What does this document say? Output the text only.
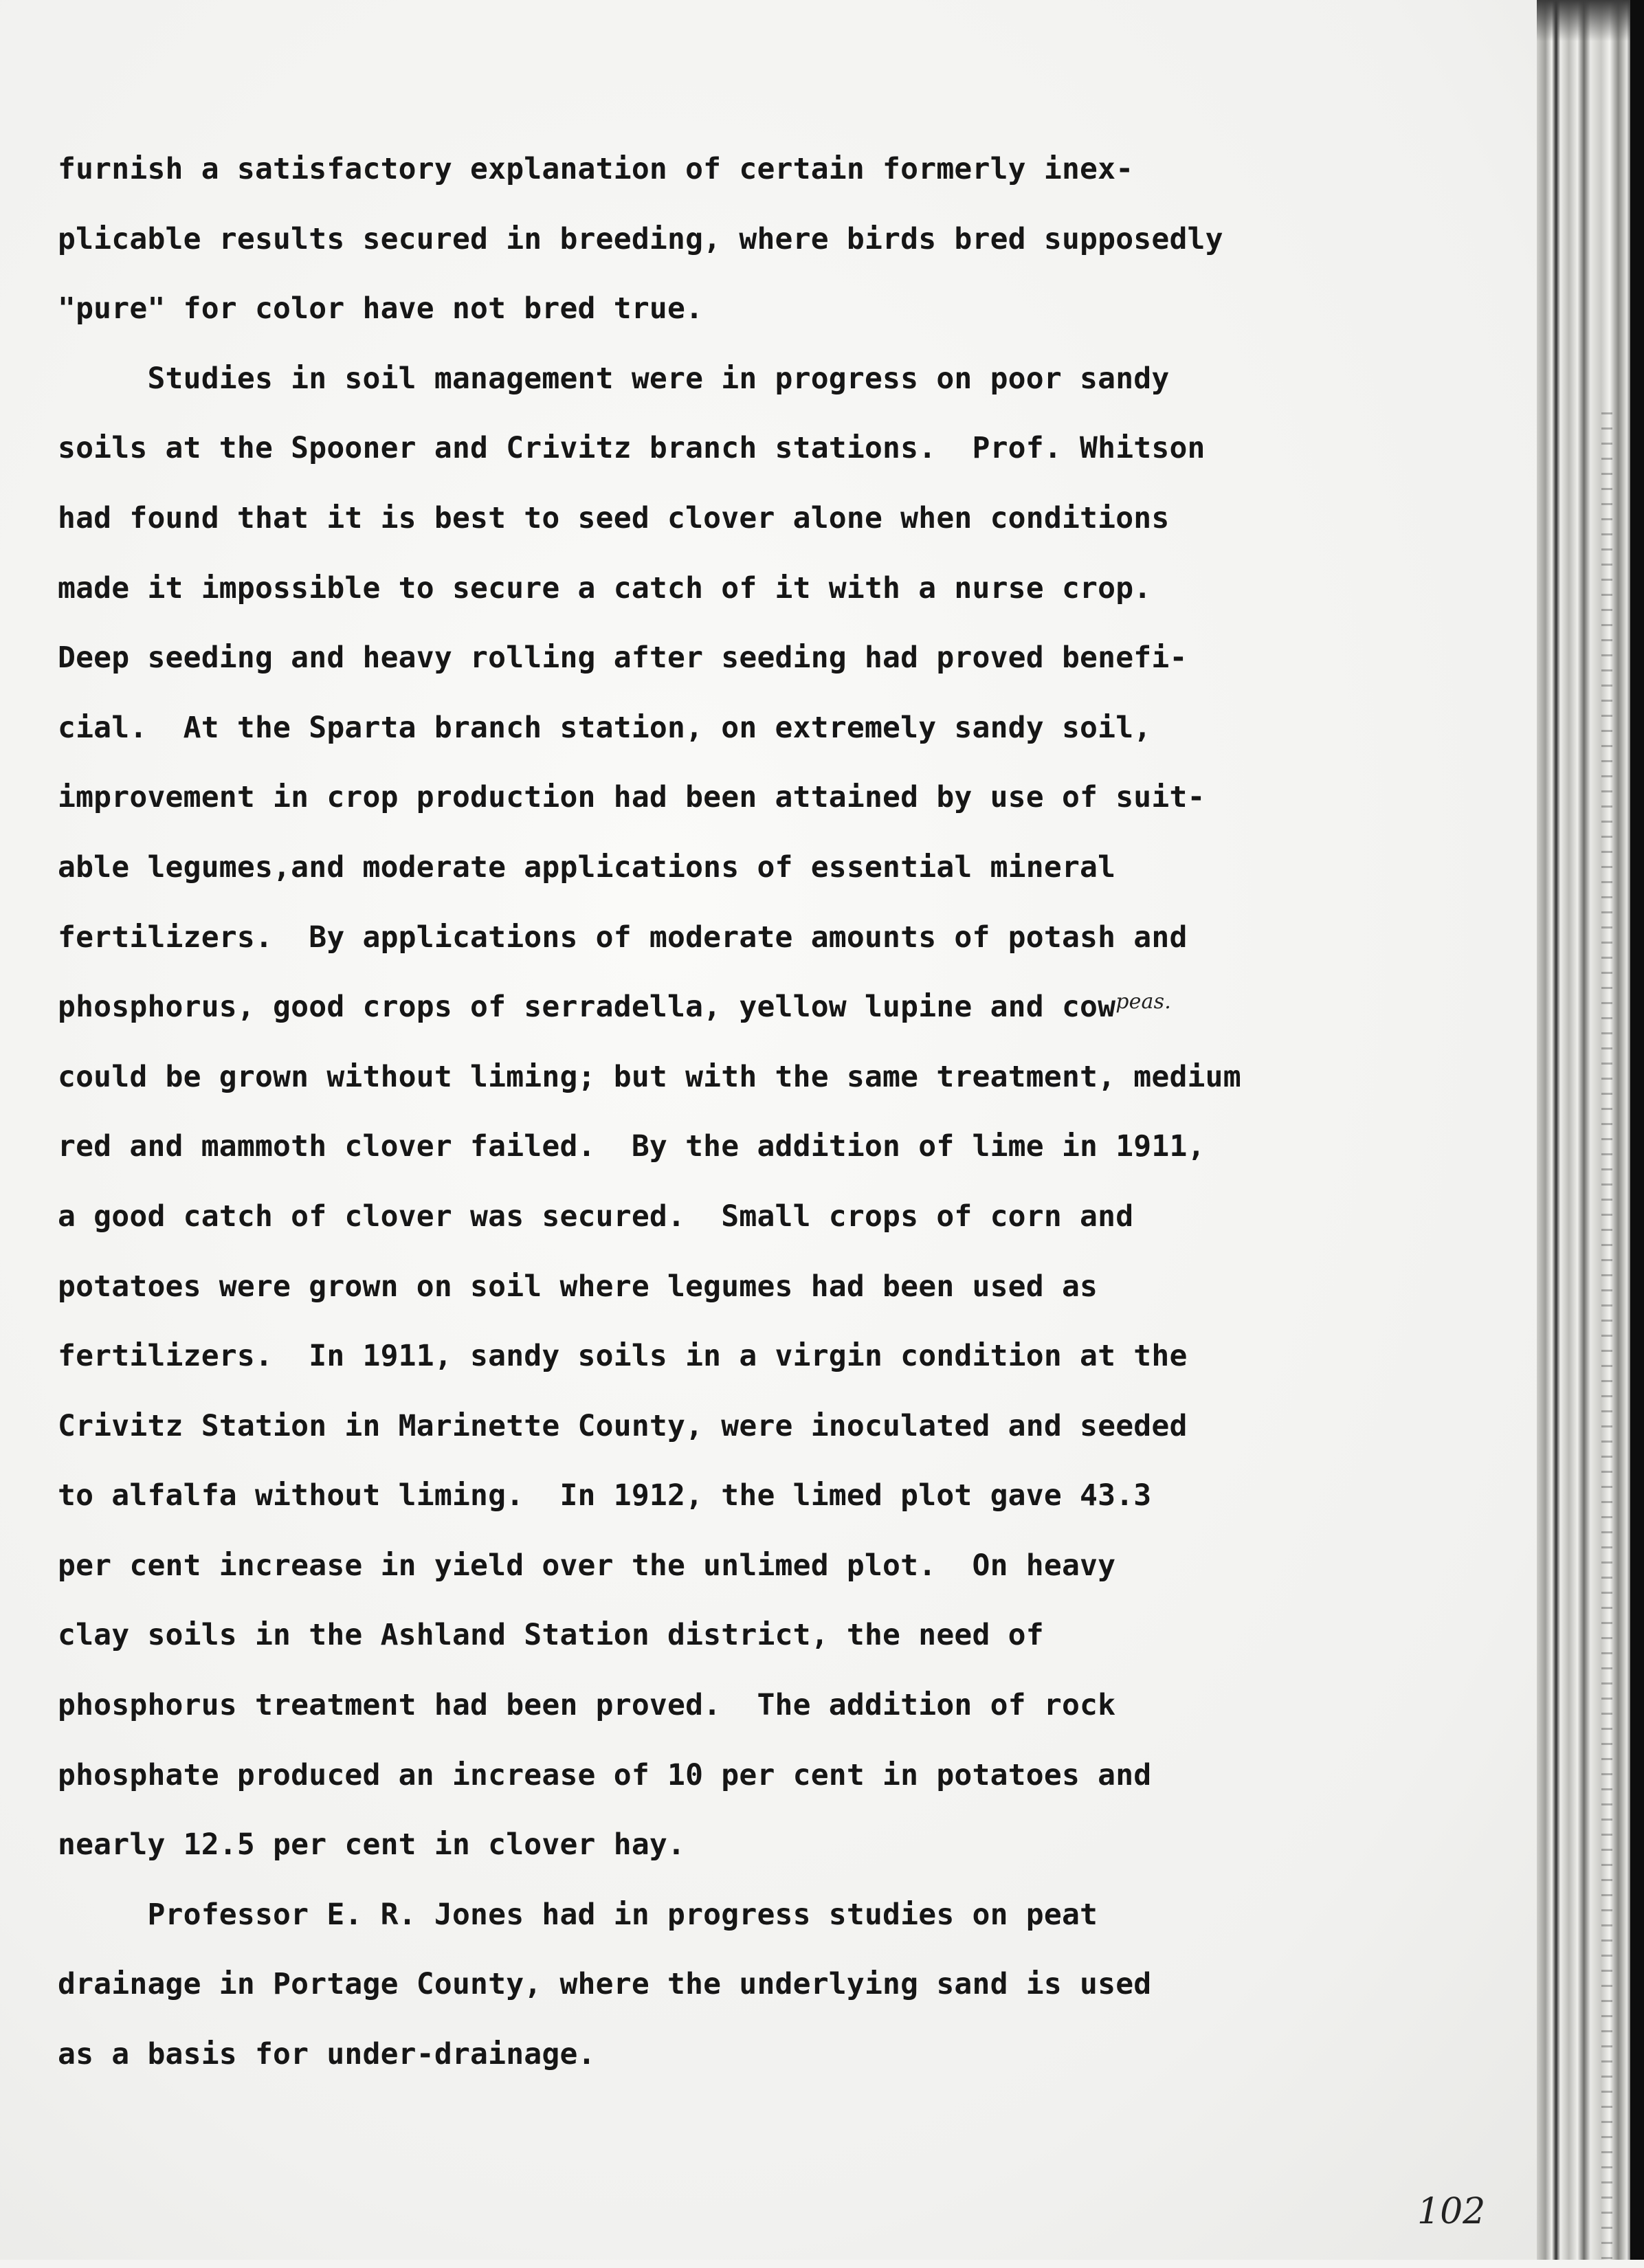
furnish a satisfactory explanation of certain formerly inex-
plicable results secured in breeding, where birds bred supposedly
"pure" for color have not bred true.
Studies in soil management were in progress on poor sandy
soils at the Spooner and Crivitz branch stations.  Prof. Whitson
had found that it is best to seed clover alone when conditions
made it impossible to secure a catch of it with a nurse crop.
Deep seeding and heavy rolling after seeding had proved benefi-
cial.  At the Sparta branch station, on extremely sandy soil,
improvement in crop production had been attained by use of suit-
able legumes,and moderate applications of essential mineral
fertilizers.  By applications of moderate amounts of potash and
phosphorus, good crops of serradella, yellow lupine and cow$^{peas.}$
could be grown without liming; but with the same treatment, medium
red and mammoth clover failed.  By the addition of lime in 1911,
a good catch of clover was secured.  Small crops of corn and
potatoes were grown on soil where legumes had been used as
fertilizers.  In 1911, sandy soils in a virgin condition at the
Crivitz Station in Marinette County, were inoculated and seeded
to alfalfa without liming.  In 1912, the limed plot gave 43.3
per cent increase in yield over the unlimed plot.  On heavy
clay soils in the Ashland Station district, the need of
phosphorus treatment had been proved.  The addition of rock
phosphate produced an increase of 10 per cent in potatoes and
nearly 12.5 per cent in clover hay.
Professor E. R. Jones had in progress studies on peat
drainage in Portage County, where the underlying sand is used
as a basis for under-drainage.
102
